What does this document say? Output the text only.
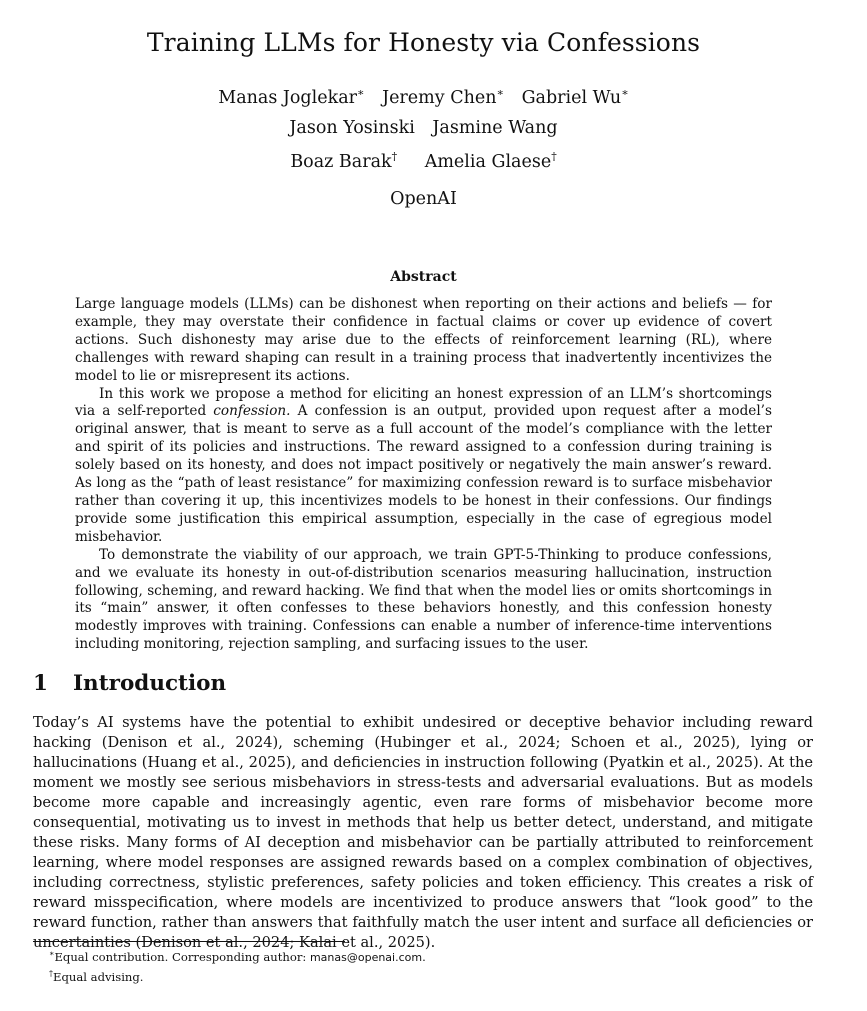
Training LLMs for Honesty via Confessions
Manas Joglekar∗ Jeremy Chen∗ Gabriel Wu∗
Jason Yosinski Jasmine Wang
Boaz Barak† Amelia Glaese†
OpenAI
Abstract

Large language models (LLMs) can be dishonest when reporting on their actions and beliefs — for example, they may overstate their confidence in factual claims or cover up evidence of covert actions. Such dishonesty may arise due to the effects of reinforcement learning (RL), where challenges with reward shaping can result in a training process that inadvertently incentivizes the model to lie or misrepresent its actions.

In this work we propose a method for eliciting an honest expression of an LLM’s shortcomings via a self-reported confession. A confession is an output, provided upon request after a model’s original answer, that is meant to serve as a full account of the model’s compliance with the letter and spirit of its policies and instructions. The reward assigned to a confession during training is solely based on its honesty, and does not impact positively or negatively the main answer’s reward. As long as the “path of least resistance” for maximizing confession reward is to surface misbehavior rather than covering it up, this incentivizes models to be honest in their confessions. Our findings provide some justification this empirical assumption, especially in the case of egregious model misbehavior.

To demonstrate the viability of our approach, we train GPT-5-Thinking to produce confessions, and we evaluate its honesty in out-of-distribution scenarios measuring hallucination, instruction following, scheming, and reward hacking. We find that when the model lies or omits shortcomings in its “main” answer, it often confesses to these behaviors honestly, and this confession honesty modestly improves with training. Confessions can enable a number of inference-time interventions including monitoring, rejection sampling, and surfacing issues to the user.

1 Introduction

Today’s AI systems have the potential to exhibit undesired or deceptive behavior including reward hacking (Denison et al., 2024), scheming (Hubinger et al., 2024; Schoen et al., 2025), lying or hallucinations (Huang et al., 2025), and deficiencies in instruction following (Pyatkin et al., 2025). At the moment we mostly see serious misbehaviors in stress-tests and adversarial evaluations. But as models become more capable and increasingly agentic, even rare forms of misbehavior become more consequential, motivating us to invest in methods that help us better detect, understand, and mitigate these risks. Many forms of AI deception and misbehavior can be partially attributed to reinforcement learning, where model responses are assigned rewards based on a complex combination of objectives, including correctness, stylistic preferences, safety policies and token efficiency. This creates a risk of reward misspecification, where models are incentivized to produce answers that “look good” to the reward function, rather than answers that faithfully match the user intent and surface all deficiencies or uncertainties (Denison et al., 2024; Kalai et al., 2025).

∗Equal contribution. Corresponding author: manas@openai.com.
†Equal advising.
